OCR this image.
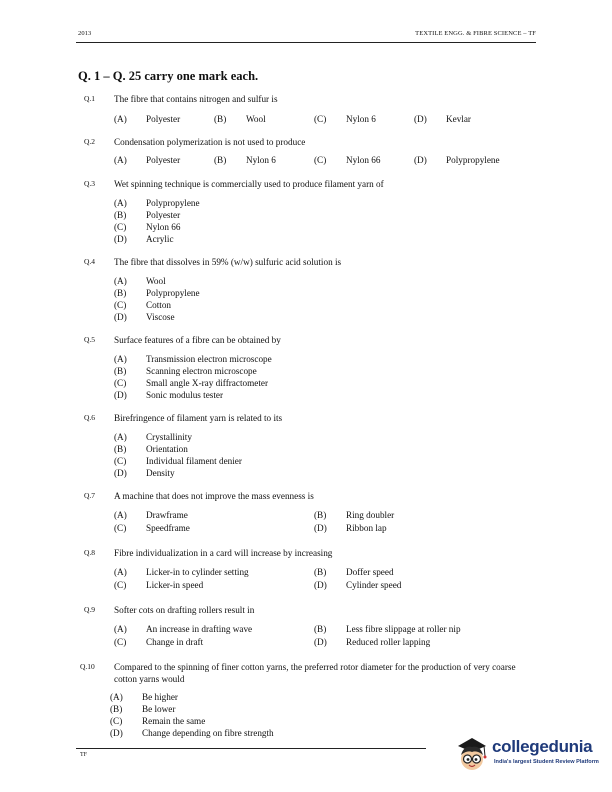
2013	TEXTILE ENGG. & FIBRE SCIENCE – TF
Q. 1 – Q. 25 carry one mark each.
Q.1 The fibre that contains nitrogen and sulfur is
(A) Polyester	(B) Wool	(C) Nylon 6	(D) Kevlar
Q.2 Condensation polymerization is not used to produce
(A) Polyester	(B) Nylon 6	(C) Nylon 66	(D) Polypropylene
Q.3 Wet spinning technique is commercially used to produce filament yarn of
(A) Polypropylene
(B) Polyester
(C) Nylon 66
(D) Acrylic
Q.4 The fibre that dissolves in 59% (w/w) sulfuric acid solution is
(A) Wool
(B) Polypropylene
(C) Cotton
(D) Viscose
Q.5 Surface features of a fibre can be obtained by
(A) Transmission electron microscope
(B) Scanning electron microscope
(C) Small angle X-ray diffractometer
(D) Sonic modulus tester
Q.6 Birefringence of filament yarn is related to its
(A) Crystallinity
(B) Orientation
(C) Individual filament denier
(D) Density
Q.7 A machine that does not improve the mass evenness is
(A) Drawframe	(B) Ring doubler
(C) Speedframe	(D) Ribbon lap
Q.8 Fibre individualization in a card will increase by increasing
(A) Licker-in to cylinder setting	(B) Doffer speed
(C) Licker-in speed	(D) Cylinder speed
Q.9 Softer cots on drafting rollers result in
(A) An increase in drafting wave	(B) Less fibre slippage at roller nip
(C) Change in draft	(D) Reduced roller lapping
Q.10 Compared to the spinning of finer cotton yarns, the preferred rotor diameter for the production of very coarse cotton yarns would
(A) Be higher
(B) Be lower
(C) Remain the same
(D) Change depending on fibre strength
TF	collegedunia
India's largest Student Review Platform
